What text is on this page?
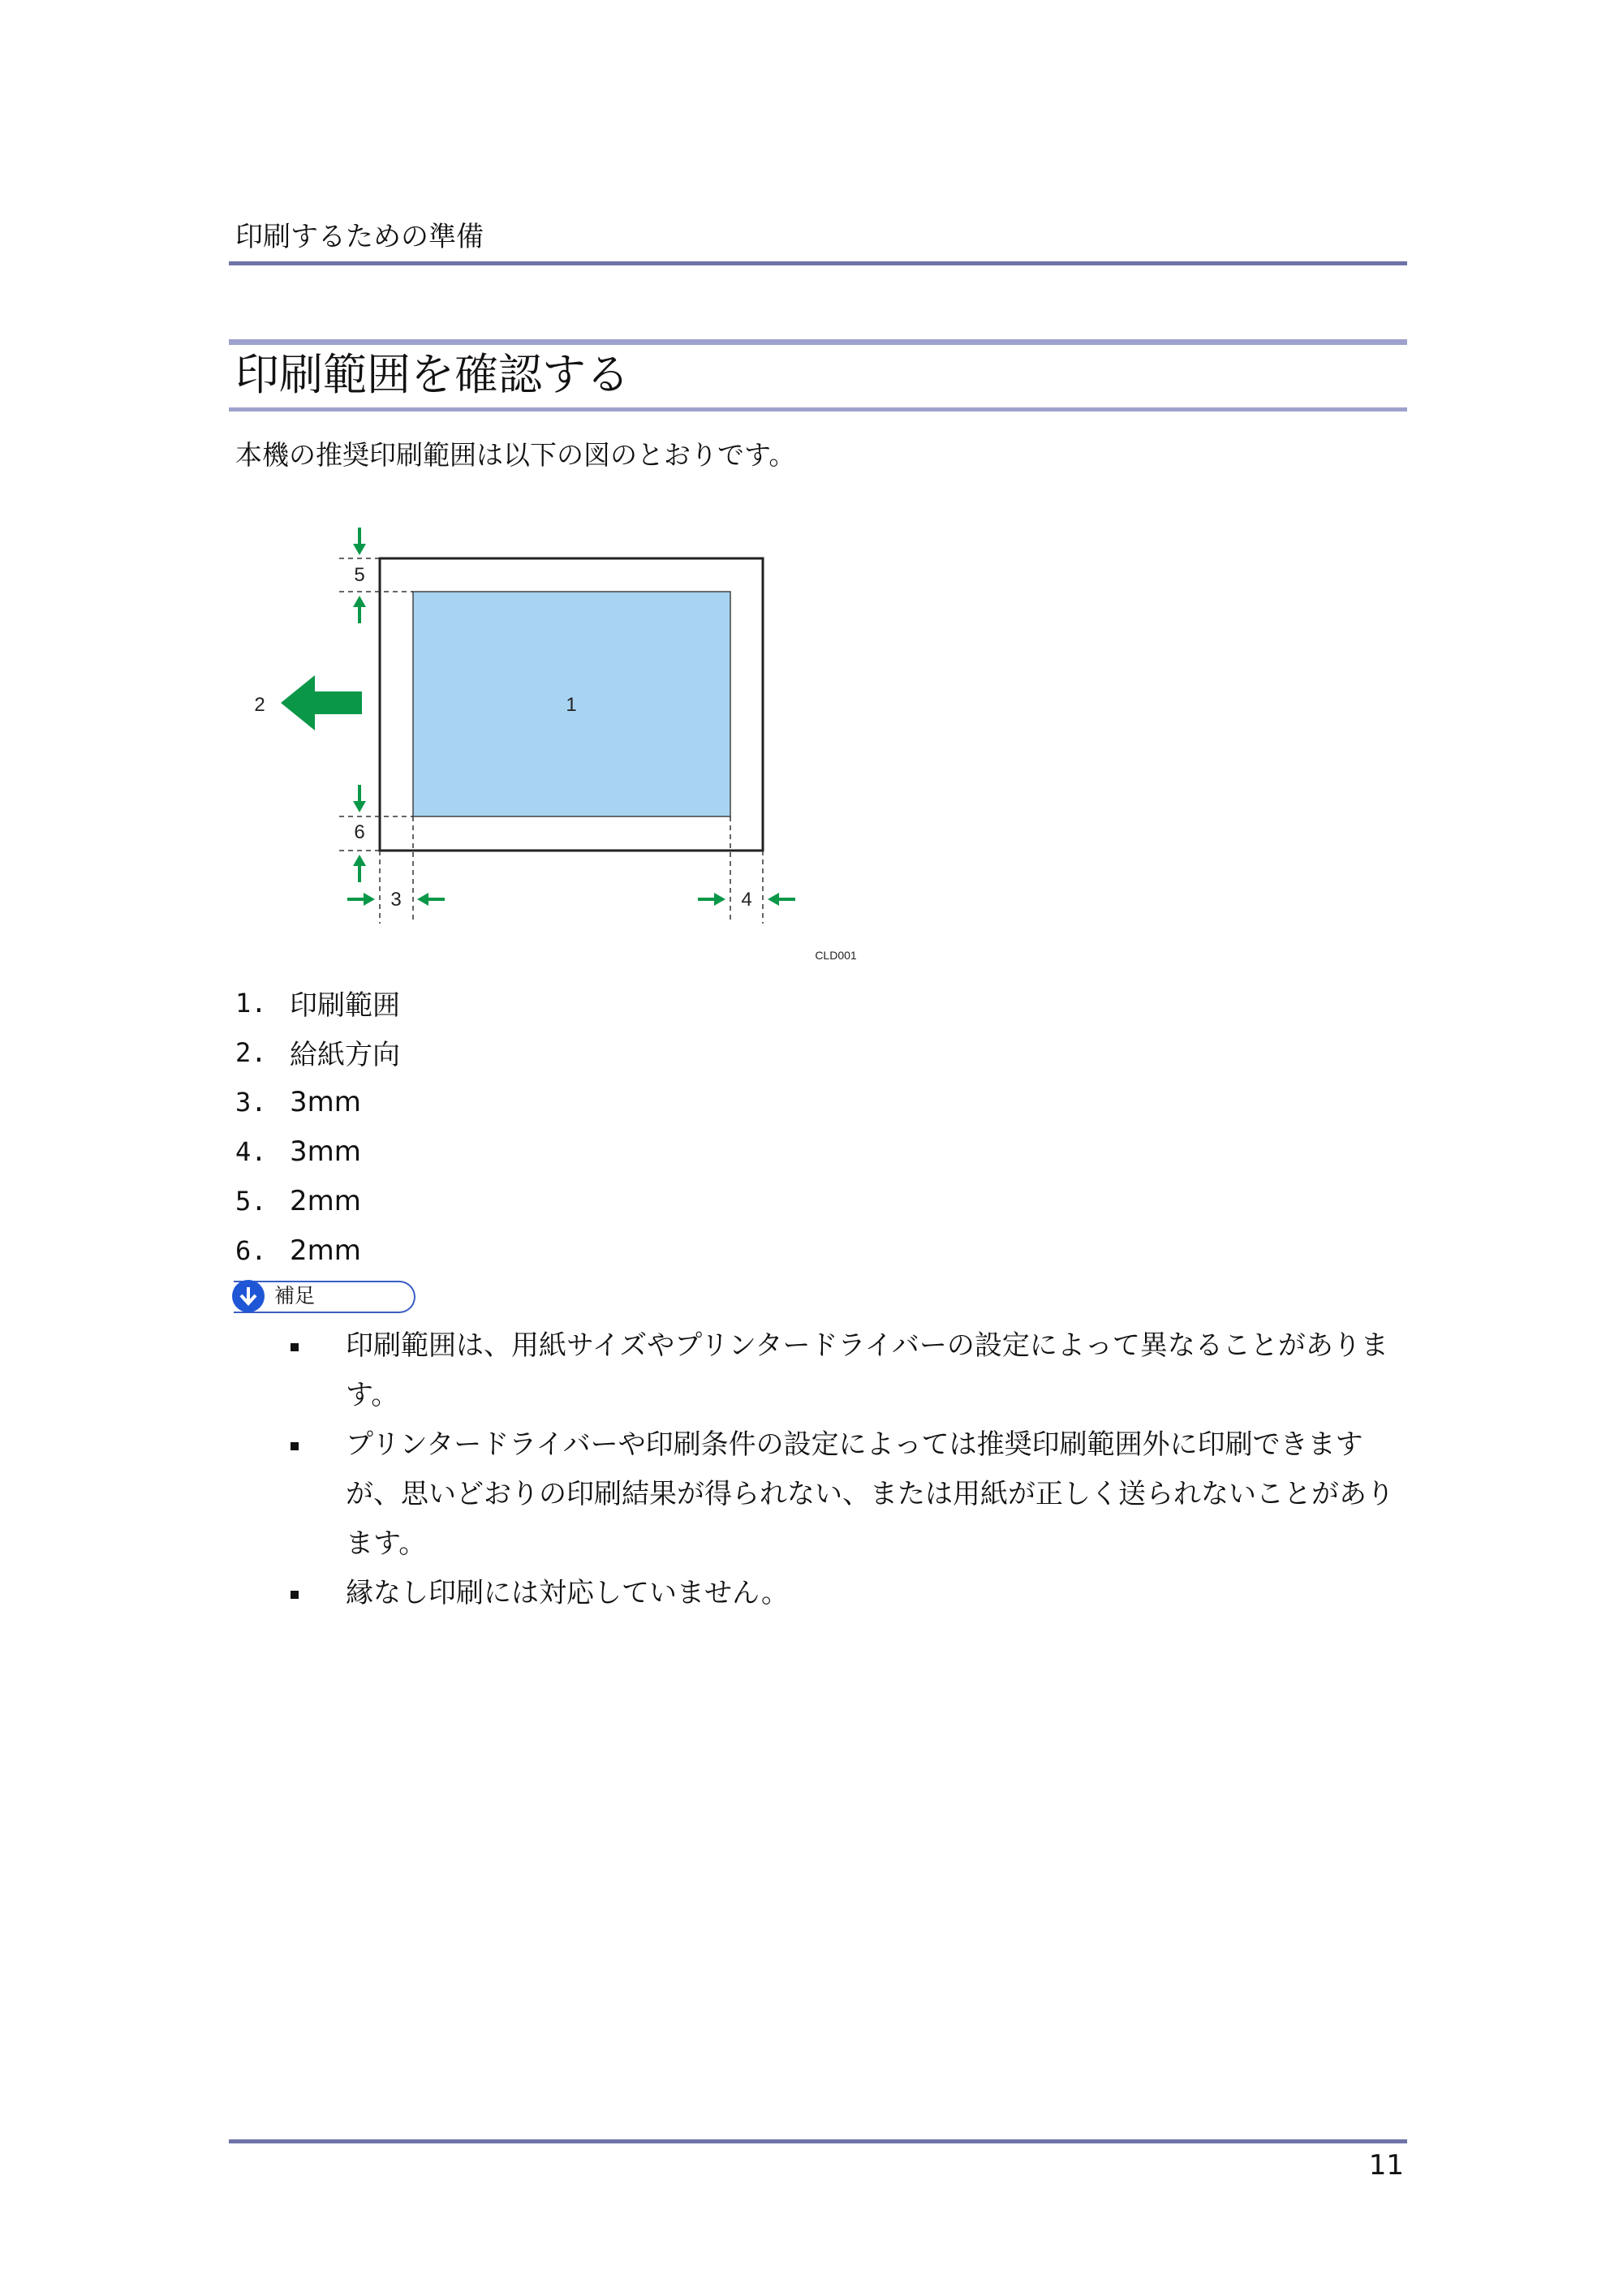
印刷するための準備
印刷範囲を確認する

本機の推奨印刷範囲は以下の図のとおりです。

1
2
3	4
5
6
CLD001
1. 印刷範囲
2. 給紙方向
3. 3mm
4. 3mm
5. 2mm
6. 2mm
補足
印刷範囲は、用紙サイズやプリンタードライバーの設定によって異なることがあります。
プリンタードライバーや印刷条件の設定によっては推奨印刷範囲外に印刷できますが、思いどおりの印刷結果が得られない、または用紙が正しく送られないことがあります。
縁なし印刷には対応していません。
11
